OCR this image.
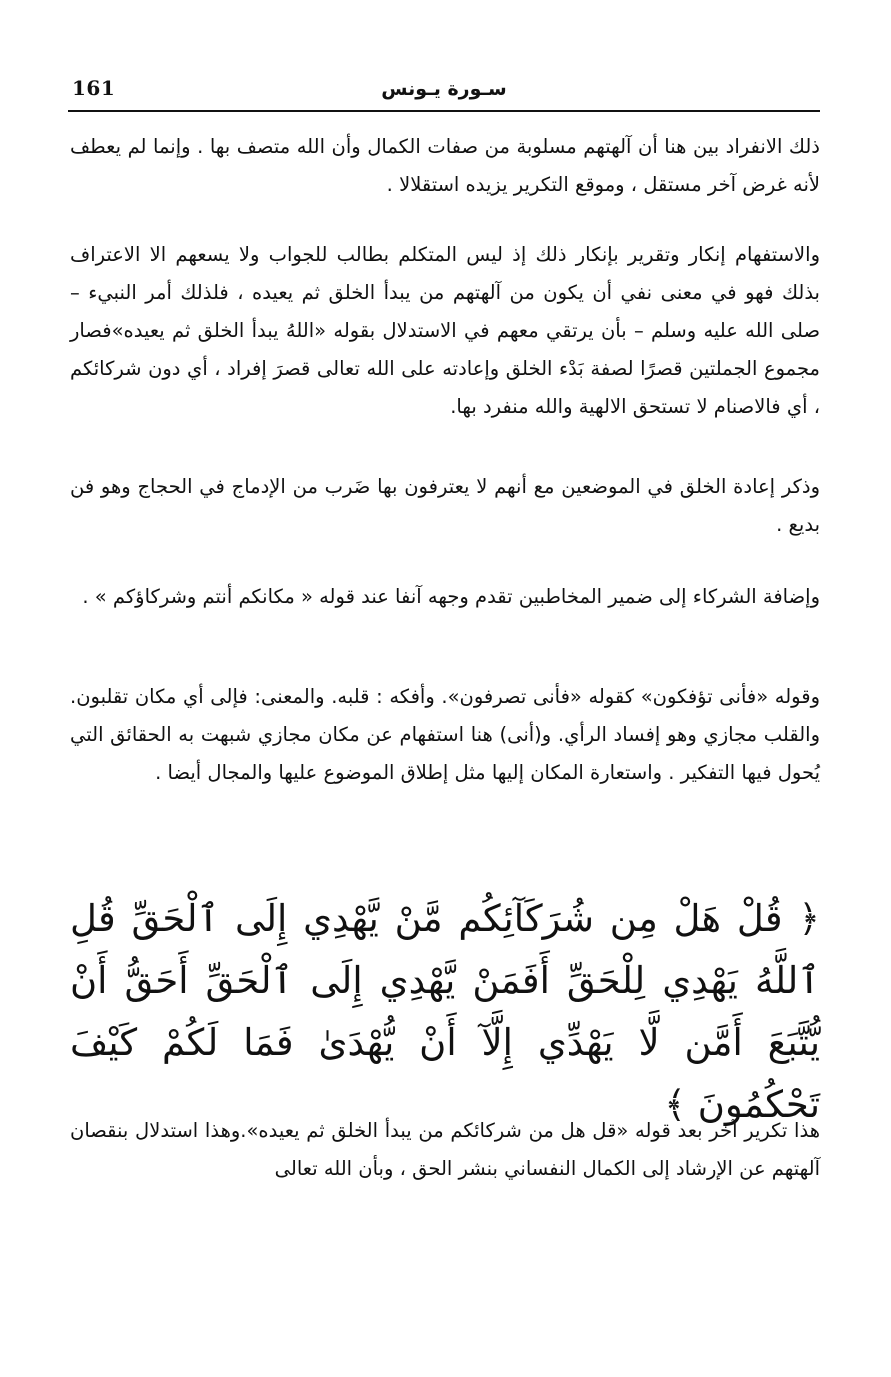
161	سـورة يـونس

ذلك الانفراد بين هنا أن آلهتهم مسلوبة من صفات الكمال وأن الله متصف بها . وإنما لم يعطف لأنه غرض آخر مستقل ، وموقع التكرير يزيده استقلالا .

والاستفهام إنكار وتقرير بإنكار ذلك إذ ليس المتكلم بطالب للجواب ولا يسعهم الا الاعتراف بذلك فهو في معنى نفي أن يكون من آلهتهم من يبدأ الخلق ثم يعيده ، فلذلك أمر النبيء – صلى الله عليه وسلم – بأن يرتقي معهم في الاستدلال بقوله «اللهُ يبدأ الخلق ثم يعيده»فصار مجموع الجملتين قصرًا لصفة بَدْء الخلق وإعادته على الله تعالى قصرَ إفراد ، أي دون شركائكم ، أي فالاصنام لا تستحق الالهية والله منفرد بها.

وذكر إعادة الخلق في الموضعين مع أنهم لا يعترفون بها ضَرب من الإدماج في الحجاج وهو فن بديع .

وإضافة الشركاء إلى ضمير المخاطبين تقدم وجهه آنفا عند قوله « مكانكم أنتم وشركاؤكم » .

وقوله «فأنى تؤفكون» كقوله «فأنى تصرفون». وأفكه : قلبه. والمعنى: فإلى أي مكان تقلبون. والقلب مجازي وهو إفساد الرأي. و(أنى) هنا استفهام عن مكان مجازي شبهت به الحقائق التي يُحول فيها التفكير . واستعارة المكان إليها مثل إطلاق الموضوع عليها والمجال أيضا .

﴿ قُلْ هَلْ مِن شُرَكَآئِكُم مَّنْ يَّهْدِي إِلَى ٱلْحَقِّ قُلِ ٱللَّهُ يَهْدِي لِلْحَقِّ أَفَمَنْ يَّهْدِي إِلَى ٱلْحَقِّ أَحَقُّ أَنْ يُّتَّبَعَ أَمَّن لَّا يَهْدِّي إِلَّآ أَنْ يُّهْدَىٰ فَمَا لَكُمْ كَيْفَ تَحْكُمُونَ ﴾

هذا تكرير آخر بعد قوله «قل هل من شركائكم من يبدأ الخلق ثم يعيده».وهذا استدلال بنقصان آلهتهم عن الإرشاد إلى الكمال النفساني بنشر الحق ، وبأن الله تعالى
